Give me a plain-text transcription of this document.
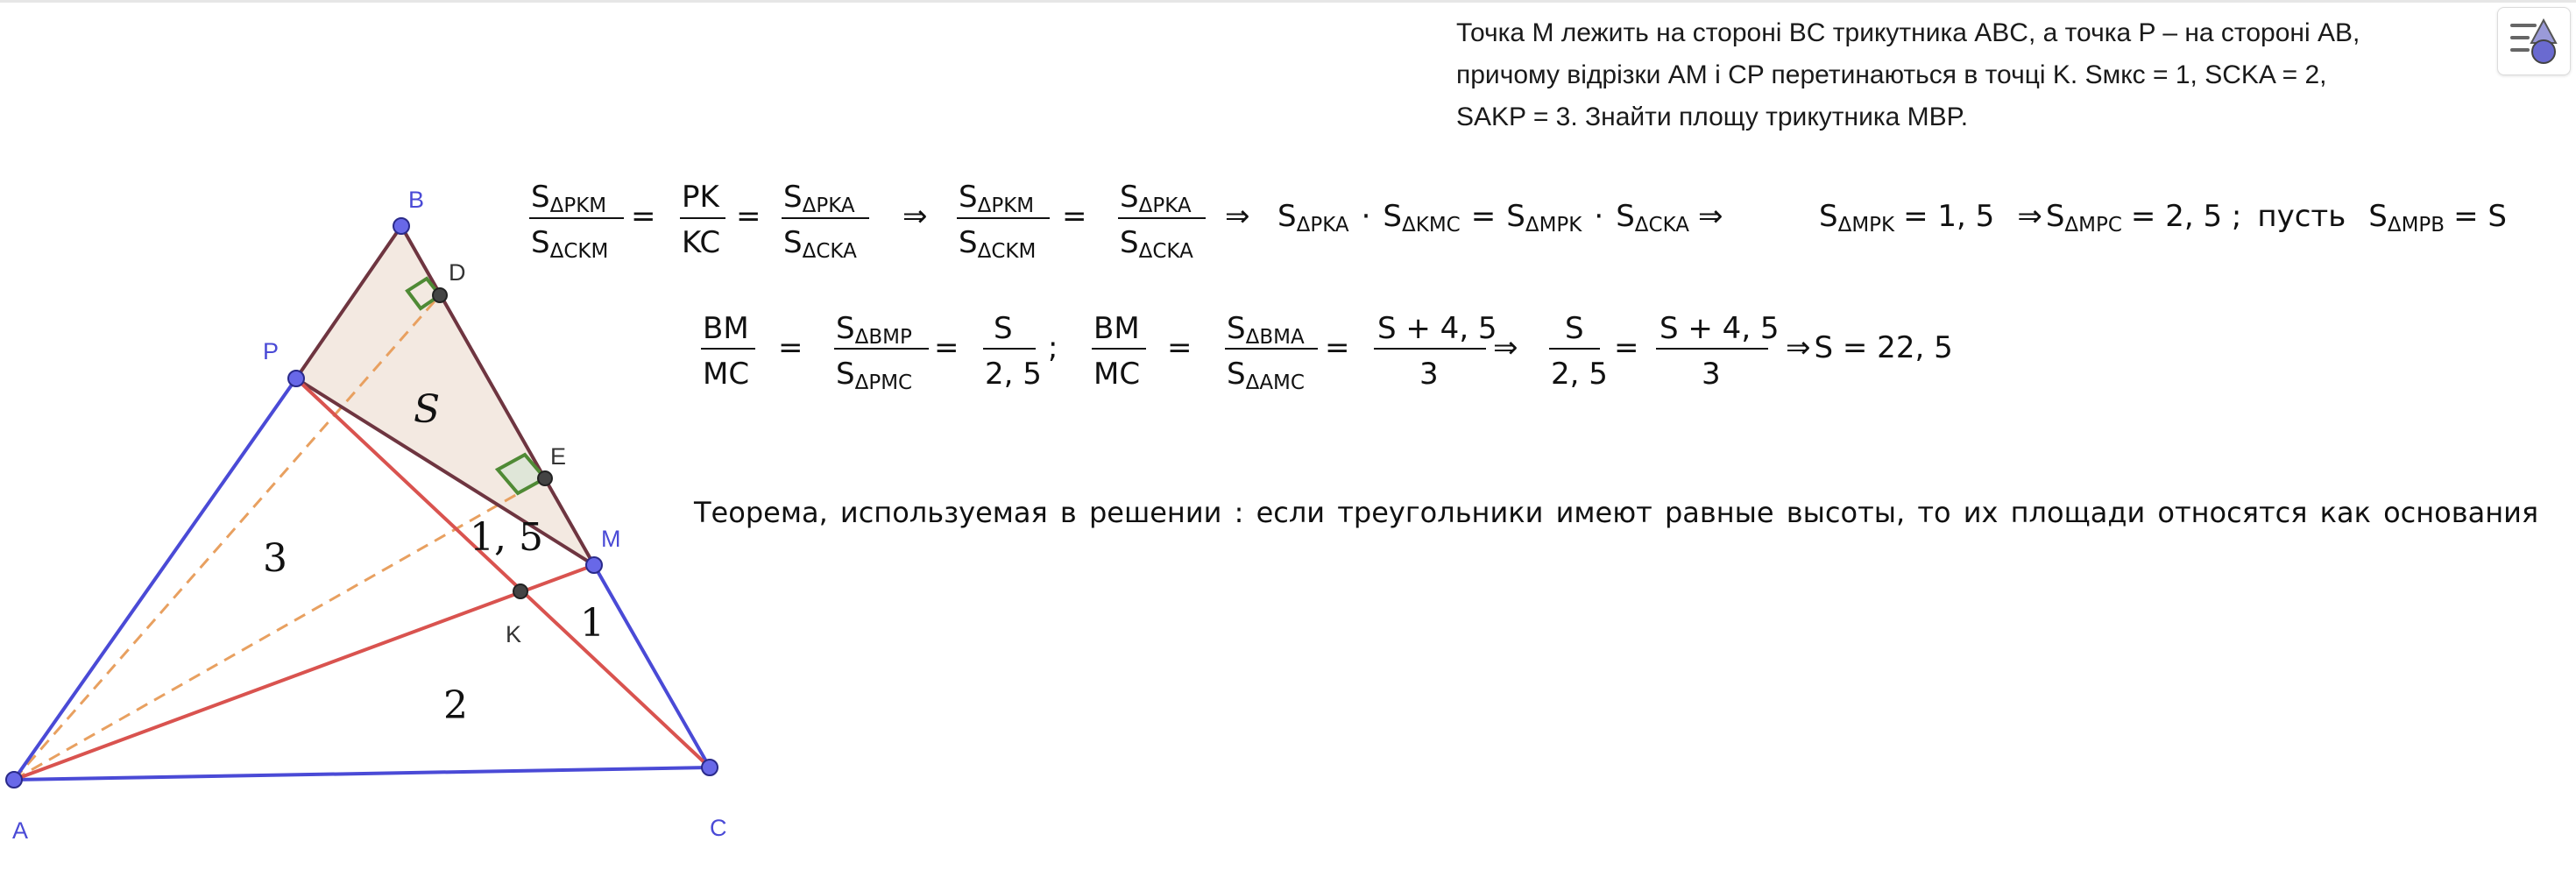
Точка M лежить на стороні BC трикутника ABC, а точка P – на стороні AB,
причому відрізки AM і CP перетинаються в точці K. Sмкс = 1, SCKA = 2,
SAKP = 3. Знайти площу трикутника MBP.
A
B
C
P
M
K
D
E
3
2
1, 5
1
S
SΔPKM
SΔCKM
=
PK
KC
=
SΔPKA
SΔCKA
⇒
SΔPKM
SΔCKM
=
SΔPKA
SΔCKA
⇒ SΔPKA · SΔKMC = SΔMPK · SΔCKA ⇒	SΔMPK = 1, 5 ⇒ SΔMPC = 2, 5 ; пусть SΔMPB = S
BM
MC
=
SΔBMP
SΔPMC
=
S
2, 5
;
BM
MC
=
SΔBMA
SΔAMC
=
S + 4, 5
3
⇒
S
2, 5
=
S + 4, 5
3
⇒ S = 22, 5
Теорема, используемая в решении : если треугольники имеют равные высоты, то их площади относятся как основания
